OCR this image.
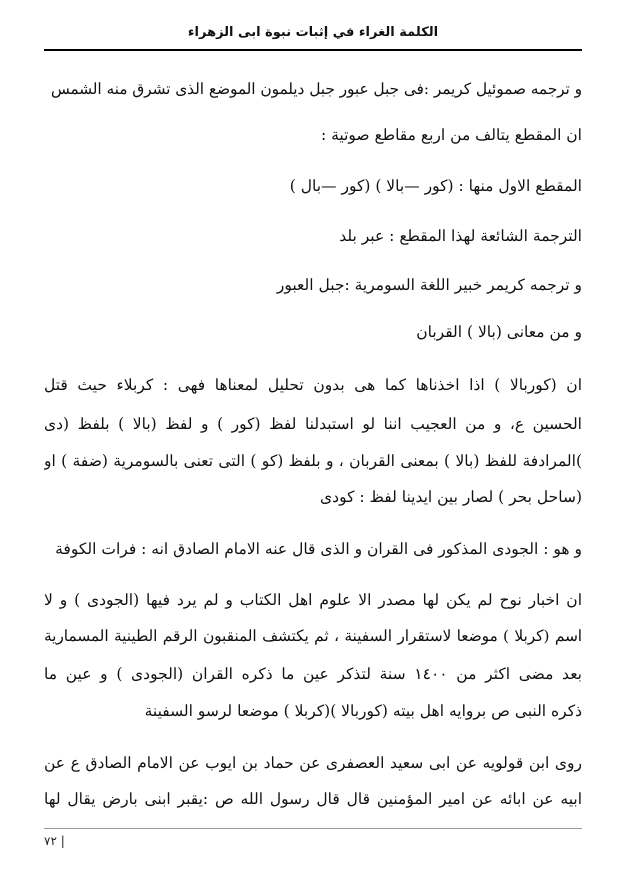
الكلمة الغراء في إثبات نبوة ابى الزهراء
و ترجمه صموئيل كريمر :فى جبل عبور جبل ديلمون الموضع الذى تشرق منه الشمس
ان المقطع يتالف من اربع مقاطع صوتية :
المقطع الاول منها : (كور —بالا ) (كور —بال )
الترجمة الشائعة لهذا المقطع : عبر بلد
و ترجمه كريمر خبير اللغة السومرية :جبل العبور
و من معانى (بالا ) القربان
ان (كوربالا ) اذا اخذناها كما هى بدون تحليل لمعناها فهى : كربلاء حيث قتل
الحسين ع، و من العجيب اننا لو استبدلنا لفظ (كور ) و لفظ (بالا ) بلفظ (دى
)المرادفة للفظ (بالا ) بمعنى القربان ، و بلفظ (كو ) التى تعنى بالسومرية (ضفة ) او
(ساحل بحر ) لصار بين ايدينا لفظ : كودى
و هو : الجودى المذكور فى القران و الذى قال عنه الامام الصادق انه : فرات الكوفة
ان اخبار نوح لم يكن لها مصدر الا علوم اهل الكتاب و لم يرد فيها (الجودى ) و لا
اسم (كربلا ) موضعا لاستقرار السفينة ، ثم يكتشف المنقبون الرقم الطينية المسمارية
بعد مضى اكثر من ١٤٠٠ سنة لتذكر عين ما ذكره القران (الجودى ) و عين ما
ذكره النبى ص بروايه اهل بيته (كوربالا )(كربلا ) موضعا لرسو السفينة
روى ابن قولويه عن ابى سعيد العصفرى عن حماد بن ايوب عن الامام الصادق ع عن
ابيه عن ابائه عن امير المؤمنين قال قال رسول الله ص :يقبر ابنى بارض يقال لها
٧٢ |
